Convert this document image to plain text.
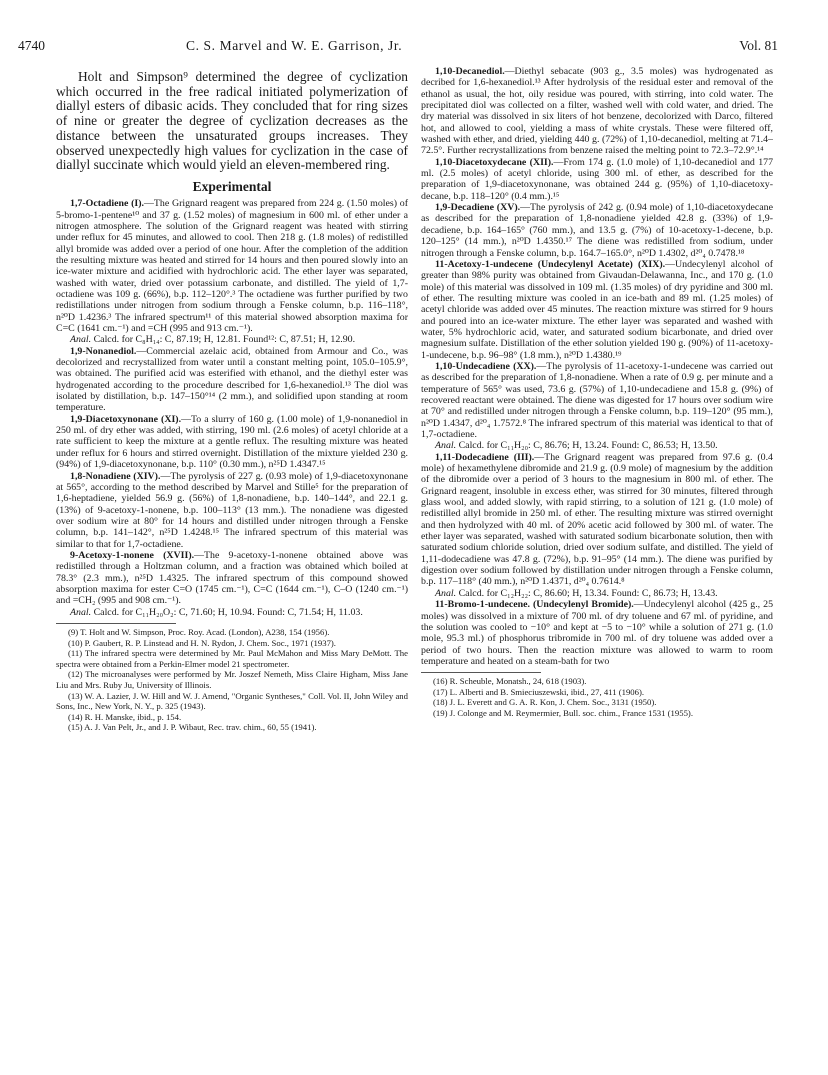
4740	C. S. Marvel and W. E. Garrison, Jr.	Vol. 81

Holt and Simpson⁹ determined the degree of cyclization which occurred in the free radical initiated polymerization of diallyl esters of dibasic acids. They concluded that for ring sizes of nine or greater the degree of cyclization decreases as the distance between the unsaturated groups increases. They observed unexpectedly high values for cyclization in the case of diallyl succinate which would yield an eleven-membered ring.

Experimental

1,7-Octadiene (I).—The Grignard reagent was prepared from 224 g. (1.50 moles) of 5-bromo-1-pentene¹⁰ and 37 g. (1.52 moles) of magnesium in 600 ml. of ether under a nitrogen atmosphere. The solution of the Grignard reagent was heated with stirring under reflux for 45 minutes, and allowed to cool. Then 218 g. (1.8 moles) of redistilled allyl bromide was added over a period of one hour. After the completion of the addition the resulting mixture was heated and stirred for 14 hours and then poured slowly into an ice-water mixture and acidified with hydrochloric acid. The ether layer was separated, washed with water, dried over potassium carbonate, and distilled. The yield of 1,7-octadiene was 109 g. (66%), b.p. 112–120°.³ The octadiene was further purified by two redistillations under nitrogen from sodium through a Fenske column, b.p. 116–118°, n²⁰D 1.4236.³ The infrared spectrum¹¹ of this material showed absorption maxima for C=C (1641 cm.⁻¹) and =CH (995 and 913 cm.⁻¹).

Anal. Calcd. for C₈H₁₄: C, 87.19; H, 12.81. Found¹²: C, 87.51; H, 12.90.

1,9-Nonanediol.—Commercial azelaic acid, obtained from Armour and Co., was decolorized and recrystallized from water until a constant melting point, 105.0–105.9°, was obtained. The purified acid was esterified with ethanol, and the diethyl ester was hydrogenated according to the procedure described for 1,6-hexanediol.¹³ The diol was isolated by distillation, b.p. 147–150°¹⁴ (2 mm.), and solidified upon standing at room temperature.

1,9-Diacetoxynonane (XI).—To a slurry of 160 g. (1.00 mole) of 1,9-nonanediol in 250 ml. of dry ether was added, with stirring, 190 ml. (2.6 moles) of acetyl chloride at a rate sufficient to keep the mixture at a gentle reflux. The resulting mixture was heated under reflux for 6 hours and stirred overnight. Distillation of the mixture yielded 230 g. (94%) of 1,9-diacetoxynonane, b.p. 110° (0.30 mm.), n²⁵D 1.4347.¹⁵

1,8-Nonadiene (XIV).—The pyrolysis of 227 g. (0.93 mole) of 1,9-diacetoxynonane at 565°, according to the method described by Marvel and Stille⁵ for the preparation of 1,6-heptadiene, yielded 56.9 g. (56%) of 1,8-nonadiene, b.p. 140–144°, and 22.1 g. (13%) of 9-acetoxy-1-nonene, b.p. 100–113° (13 mm.). The nonadiene was digested over sodium wire at 80° for 14 hours and distilled under nitrogen through a Fenske column, b.p. 141–142°, n²⁵D 1.4248.¹⁵ The infrared spectrum of this material was similar to that for 1,7-octadiene.

9-Acetoxy-1-nonene (XVII).—The 9-acetoxy-1-nonene obtained above was redistilled through a Holtzman column, and a fraction was obtained which boiled at 78.3° (2.3 mm.), n²⁵D 1.4325. The infrared spectrum of this compound showed absorption maxima for ester C=O (1745 cm.⁻¹), C=C (1644 cm.⁻¹), C–O (1240 cm.⁻¹) and =CH₂ (995 and 908 cm.⁻¹).

Anal. Calcd. for C₁₁H₂₀O₂: C, 71.60; H, 10.94. Found: C, 71.54; H, 11.03.

(9) T. Holt and W. Simpson, Proc. Roy. Acad. (London), A238, 154 (1956).

(10) P. Gaubert, R. P. Linstead and H. N. Rydon, J. Chem. Soc., 1971 (1937).

(11) The infrared spectra were determined by Mr. Paul McMahon and Miss Mary DeMott. The spectra were obtained from a Perkin-Elmer model 21 spectrometer.

(12) The microanalyses were performed by Mr. Joszef Nemeth, Miss Claire Higham, Miss Jane Liu and Mrs. Ruby Ju, University of Illinois.

(13) W. A. Lazier, J. W. Hill and W. J. Amend, "Organic Syntheses," Coll. Vol. II, John Wiley and Sons, Inc., New York, N. Y., p. 325 (1943).

(14) R. H. Manske, ibid., p. 154.

(15) A. J. Van Pelt, Jr., and J. P. Wibaut, Rec. trav. chim., 60, 55 (1941).

1,10-Decanediol.—Diethyl sebacate (903 g., 3.5 moles) was hydrogenated as decribed for 1,6-hexanediol.¹³ After hydrolysis of the residual ester and removal of the ethanol as usual, the hot, oily residue was poured, with stirring, into cold water. The precipitated diol was collected on a filter, washed well with cold water, and dried. The dry material was dissolved in six liters of hot benzene, decolorized with Darco, filtered hot, and allowed to cool, yielding a mass of white crystals. These were filtered off, washed with ether, and dried, yielding 440 g. (72%) of 1,10-decanediol, melting at 71.4–72.5°. Further recrystallizations from benzene raised the melting point to 72.3–72.9°.¹⁴

1,10-Diacetoxydecane (XII).—From 174 g. (1.0 mole) of 1,10-decanediol and 177 ml. (2.5 moles) of acetyl chloride, using 300 ml. of ether, as described for the preparation of 1,9-diacetoxynonane, was obtained 244 g. (95%) of 1,10-diacetoxy-decane, b.p. 118–120° (0.4 mm.).¹⁵

1,9-Decadiene (XV).—The pyrolysis of 242 g. (0.94 mole) of 1,10-diacetoxydecane as described for the preparation of 1,8-nonadiene yielded 42.8 g. (33%) of 1,9-decadiene, b.p. 164–165° (760 mm.), and 13.5 g. (7%) of 10-acetoxy-1-decene, b.p. 120–125° (14 mm.), n²⁰D 1.4350.¹⁷ The diene was redistilled from sodium, under nitrogen through a Fenske column, b.p. 164.7–165.0°, n²⁰D 1.4302, d²⁰₄ 0.7478.¹⁸

11-Acetoxy-1-undecene (Undecylenyl Acetate) (XIX).—Undecylenyl alcohol of greater than 98% purity was obtained from Givaudan-Delawanna, Inc., and 170 g. (1.0 mole) of this material was dissolved in 109 ml. (1.35 moles) of dry pyridine and 300 ml. of ether. The resulting mixture was cooled in an ice-bath and 89 ml. (1.25 moles) of acetyl chloride was added over 45 minutes. The reaction mixture was stirred for 9 hours and poured into an ice-water mixture. The ether layer was separated and washed with water, 5% hydrochloric acid, water, and saturated sodium bicarbonate, and dried over magnesium sulfate. Distillation of the ether solution yielded 190 g. (90%) of 11-acetoxy-1-undecene, b.p. 96–98° (1.8 mm.), n²⁰D 1.4380.¹⁹

1,10-Undecadiene (XX).—The pyrolysis of 11-acetoxy-1-undecene was carried out as described for the preparation of 1,8-nonadiene. When a rate of 0.9 g. per minute and a temperature of 565° was used, 73.6 g. (57%) of 1,10-undecadiene and 15.8 g. (9%) of recovered reactant were obtained. The diene was digested for 17 hours over sodium wire at 70° and redistilled under nitrogen through a Fenske column, b.p. 119–120° (95 mm.), n²⁰D 1.4347, d²⁰₄ 1.7572.⁸ The infrared spectrum of this material was identical to that of 1,7-octadiene.

Anal. Calcd. for C₁₁H₂₀: C, 86.76; H, 13.24. Found: C, 86.53; H, 13.50.

1,11-Dodecadiene (III).—The Grignard reagent was prepared from 97.6 g. (0.4 mole) of hexamethylene dibromide and 21.9 g. (0.9 mole) of magnesium by the addition of the dibromide over a period of 3 hours to the magnesium in 800 ml. of ether. The Grignard reagent, insoluble in excess ether, was stirred for 30 minutes, filtered through glass wool, and added slowly, with rapid stirring, to a solution of 121 g. (1.0 mole) of redistilled allyl bromide in 250 ml. of ether. The resulting mixture was stirred overnight and then hydrolyzed with 40 ml. of 20% acetic acid followed by 300 ml. of water. The ether layer was separated, washed with saturated sodium bicarbonate solution, then with saturated sodium chloride solution, dried over sodium sulfate, and distilled. The yield of 1,11-dodecadiene was 47.8 g. (72%), b.p. 91–95° (14 mm.). The diene was purified by digestion over sodium followed by distillation under nitrogen through a Fenske column, b.p. 117–118° (40 mm.), n²⁰D 1.4371, d²⁰₄ 0.7614.⁸

Anal. Calcd. for C₁₂H₂₂: C, 86.60; H, 13.34. Found: C, 86.73; H, 13.43.

11-Bromo-1-undecene. (Undecylenyl Bromide).—Undecylenyl alcohol (425 g., 25 moles) was dissolved in a mixture of 700 ml. of dry toluene and 67 ml. of pyridine, and the solution was cooled to −10° and kept at −5 to −10° while a solution of 271 g. (1.0 mole, 95.3 ml.) of phosphorus tribromide in 700 ml. of dry toluene was added over a period of two hours. Then the reaction mixture was allowed to warm to room temperature and heated on a steam-bath for two

(16) R. Scheuble, Monatsh., 24, 618 (1903).

(17) L. Alberti and B. Smieciuszewski, ibid., 27, 411 (1906).

(18) J. L. Everett and G. A. R. Kon, J. Chem. Soc., 3131 (1950).

(19) J. Colonge and M. Reymermier, Bull. soc. chim., France 1531 (1955).
